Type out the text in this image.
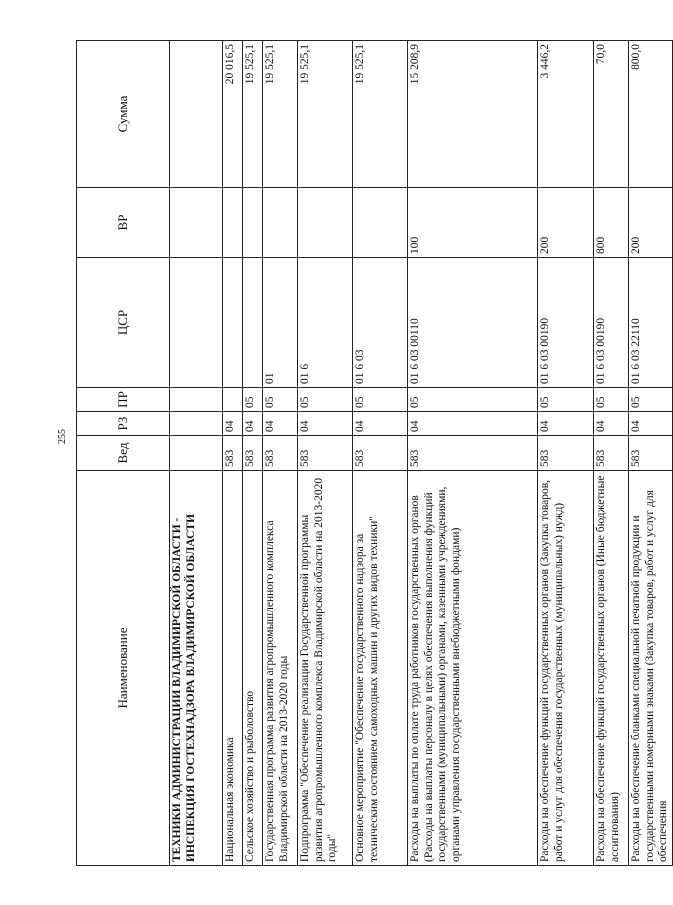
255
Наименование	Вед	РЗ	ПР	ЦСР	ВР	Сумма
ТЕХНИКИ АДМИНИСТРАЦИИ ВЛАДИМИРСКОЙ ОБЛАСТИ - ИНСПЕКЦИЯ ГОСТЕХНАДЗОРА ВЛАДИМИРСКОЙ ОБЛАСТИ						
Национальная экономика	583	04				20 016,5
Сельское хозяйство и рыболовство	583	04	05			19 525,1
Государственная программа развития агропромышленного комплекса Владимирской области на 2013-2020 годы	583	04	05	01		19 525,1
Подпрограмма "Обеспечение реализации Государственной программы развития агропромышленного комплекса Владимирской области на 2013-2020 годы"	583	04	05	01 6		19 525,1
Основное мероприятие "Обеспечение государственного надзора за техническим состоянием самоходных машин и других видов техники"	583	04	05	01 6 03		19 525,1
Расходы на выплаты по оплате труда работников государственных органов (Расходы на выплаты персоналу в целях обеспечения выполнения функций государственными (муниципальными) органами, казенными учреждениями, органами управления государственными внебюджетными фондами)	583	04	05	01 6 03 00110	100	15 208,9
Расходы на обеспечение функций государственных органов (Закупка товаров, работ и услуг для обеспечения государственных (муниципальных) нужд)	583	04	05	01 6 03 00190	200	3 446,2
Расходы на обеспечение функций государственных органов (Иные бюджетные ассигнования)	583	04	05	01 6 03 00190	800	70,0
Расходы на обеспечение бланками специальной печатной продукции и государственными номерными знаками (Закупка товаров, работ и услуг для обеспечения	583	04	05	01 6 03 22110	200	800,0
